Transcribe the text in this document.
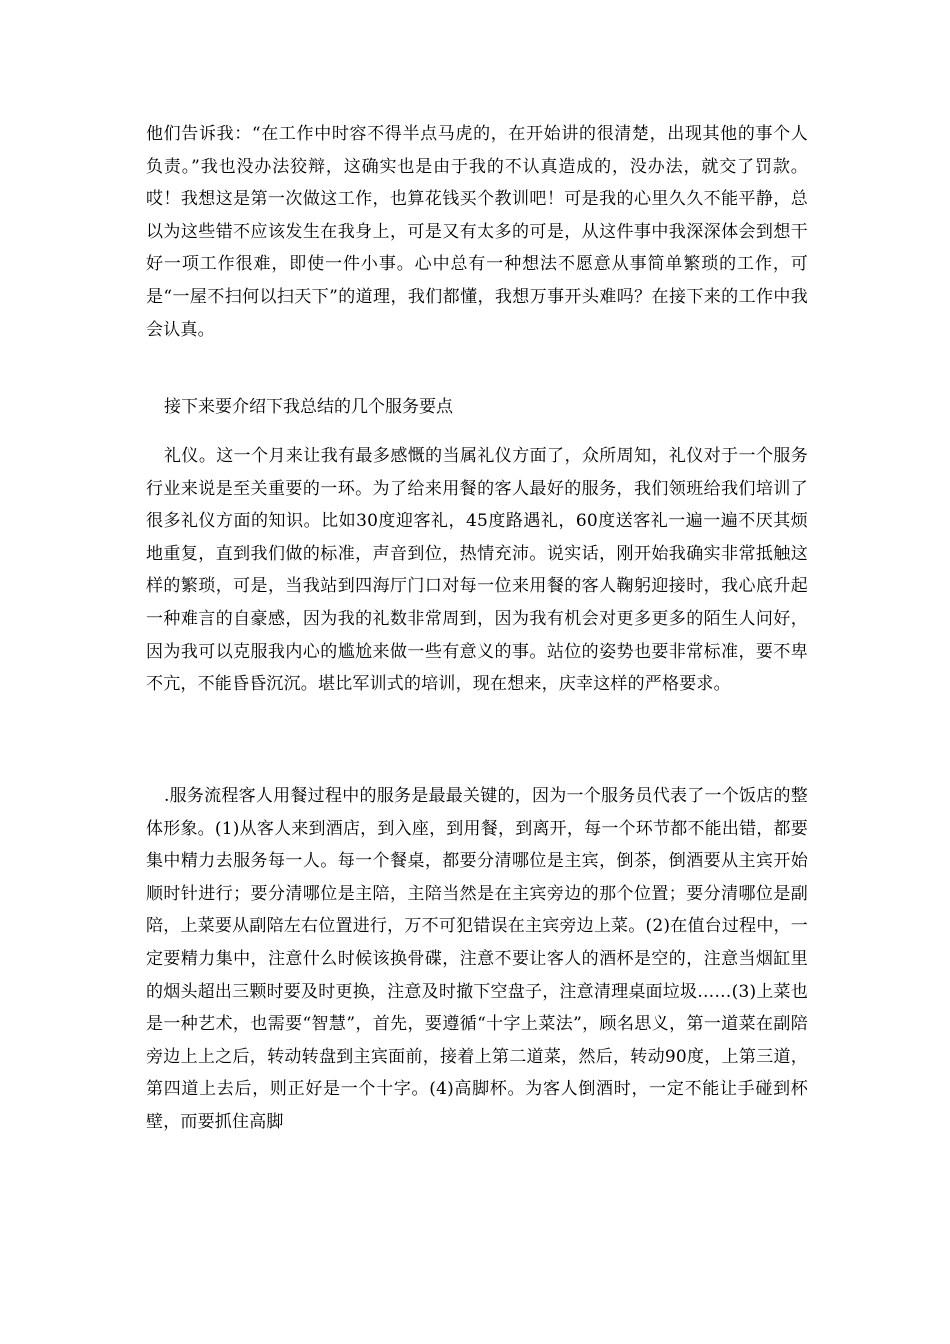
他们告诉我：“在工作中时容不得半点马虎的，在开始讲的很清楚，出现其他的事个人负责。”我也没办法狡辩，这确实也是由于我的不认真造成的，没办法，就交了罚款。哎！我想这是第一次做这工作，也算花钱买个教训吧！可是我的心里久久不能平静，总以为这些错不应该发生在我身上，可是又有太多的可是，从这件事中我深深体会到想干好一项工作很难，即使一件小事。心中总有一种想法不愿意从事简单繁琐的工作，可是“一屋不扫何以扫天下”的道理，我们都懂，我想万事开头难吗？在接下来的工作中我会认真。

接下来要介绍下我总结的几个服务要点

礼仪。这一个月来让我有最多感慨的当属礼仪方面了，众所周知，礼仪对于一个服务行业来说是至关重要的一环。为了给来用餐的客人最好的服务，我们领班给我们培训了很多礼仪方面的知识。比如30度迎客礼，45度路遇礼，60度送客礼一遍一遍不厌其烦地重复，直到我们做的标准，声音到位，热情充沛。说实话，刚开始我确实非常抵触这样的繁琐，可是，当我站到四海厅门口对每一位来用餐的客人鞠躬迎接时，我心底升起一种难言的自豪感，因为我的礼数非常周到，因为我有机会对更多更多的陌生人问好，因为我可以克服我内心的尴尬来做一些有意义的事。站位的姿势也要非常标准，要不卑不亢，不能昏昏沉沉。堪比军训式的培训，现在想来，庆幸这样的严格要求。

.服务流程客人用餐过程中的服务是最最关键的，因为一个服务员代表了一个饭店的整体形象。(1)从客人来到酒店，到入座，到用餐，到离开，每一个环节都不能出错，都要集中精力去服务每一人。每一个餐桌，都要分清哪位是主宾，倒茶，倒酒要从主宾开始顺时针进行；要分清哪位是主陪，主陪当然是在主宾旁边的那个位置；要分清哪位是副陪，上菜要从副陪左右位置进行，万不可犯错误在主宾旁边上菜。(2)在值台过程中，一定要精力集中，注意什么时候该换骨碟，注意不要让客人的酒杯是空的，注意当烟缸里的烟头超出三颗时要及时更换，注意及时撤下空盘子，注意清理桌面垃圾……(3)上菜也是一种艺术，也需要“智慧”，首先，要遵循“十字上菜法”，顾名思义，第一道菜在副陪旁边上上之后，转动转盘到主宾面前，接着上第二道菜，然后，转动90度，上第三道，第四道上去后，则正好是一个十字。(4)高脚杯。为客人倒酒时，一定不能让手碰到杯壁，而要抓住高脚
